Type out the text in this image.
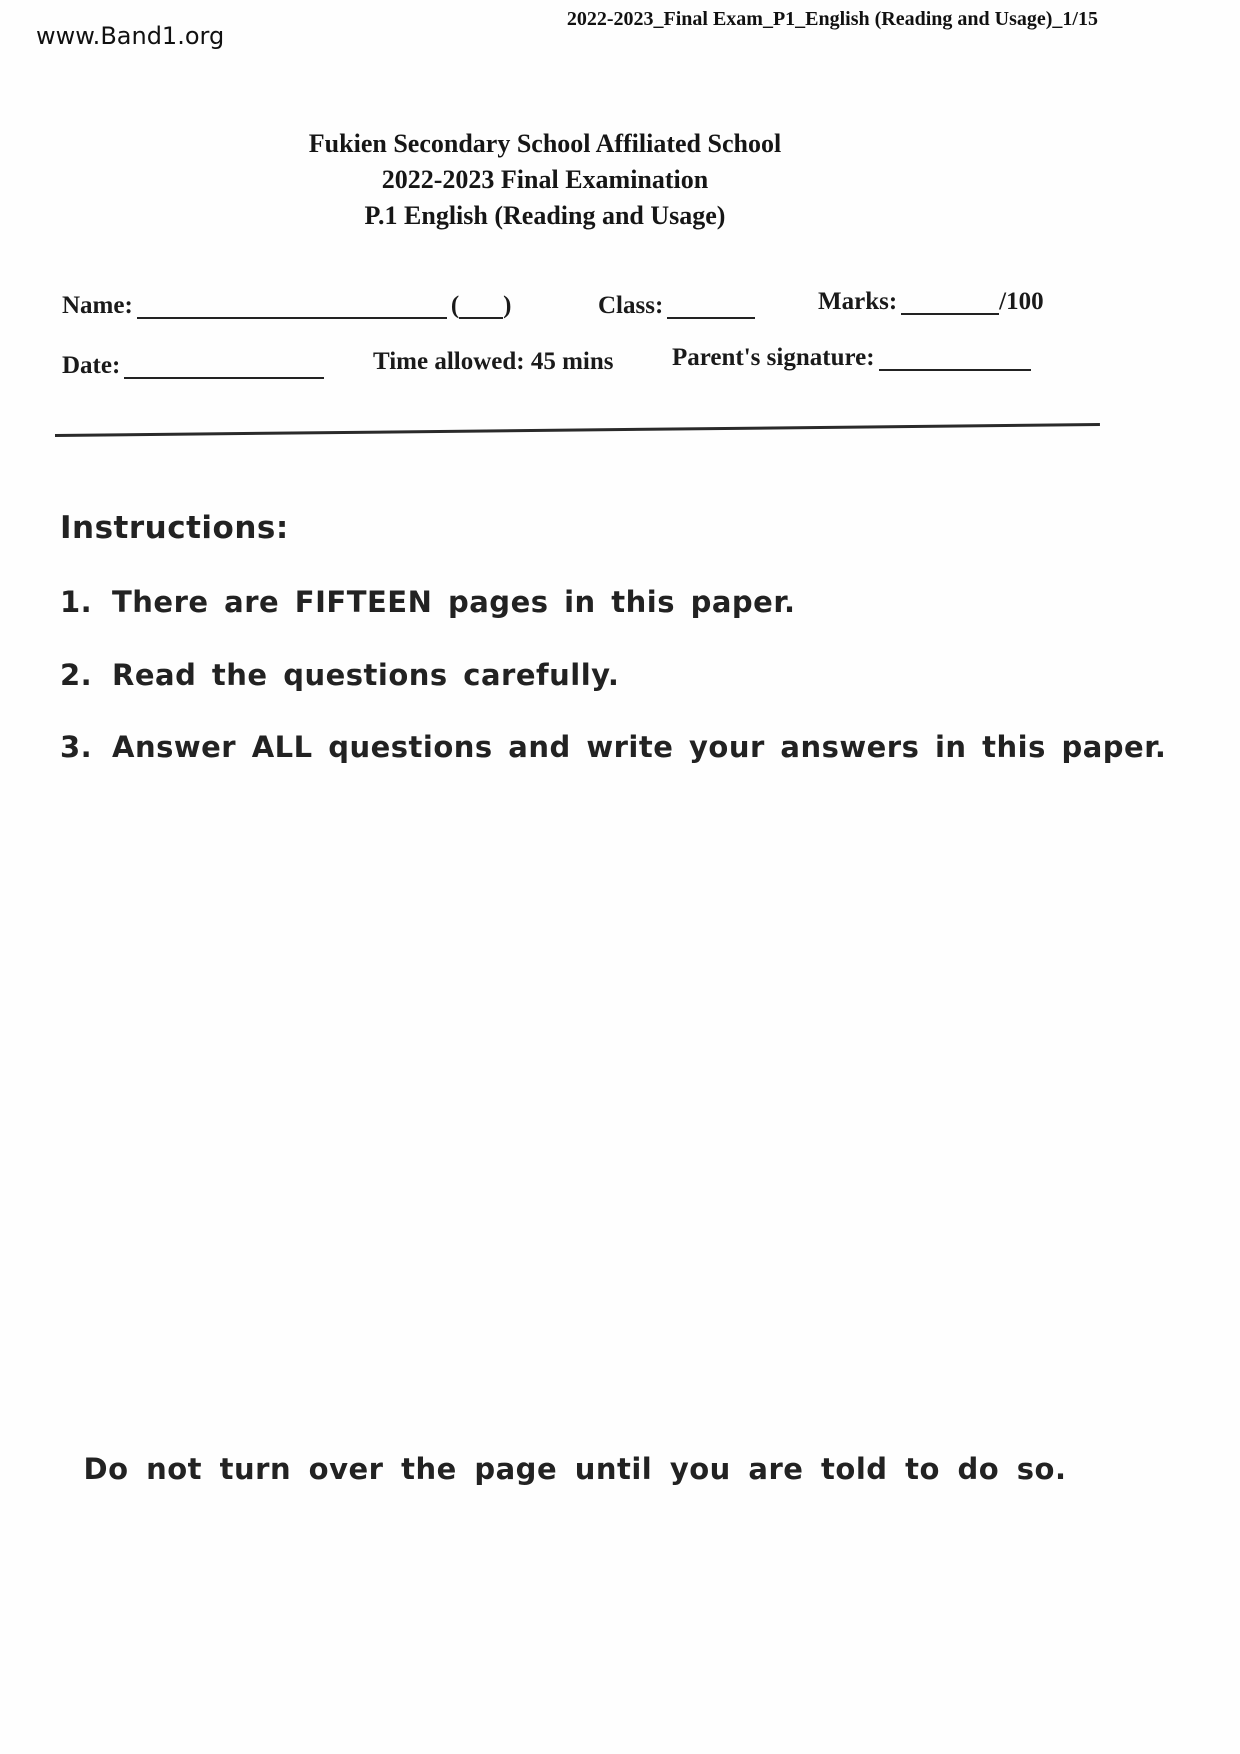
www.Band1.org
2022-2023_Final Exam_P1_English (Reading and Usage)_1/15
Fukien Secondary School Affiliated School
2022-2023 Final Examination
P.1 English (Reading and Usage)
Name:	( )	Class:	Marks:	/100
Date:	Time allowed: 45 mins Parent's signature:
Instructions:
1. There are FIFTEEN pages in this paper.
2. Read the questions carefully.
3. Answer ALL questions and write your answers in this paper.
Do not turn over the page until you are told to do so.
